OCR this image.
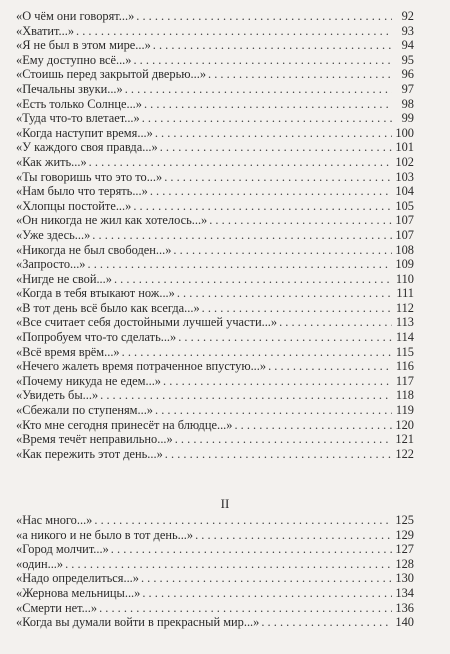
«О чём они говорят...» . . .	92
«Хватит...» . . .	93
«Я не был в этом мире...» . . .	94
«Ему доступно всё...» . . .	95
«Стоишь перед закрытой дверью...» . . .	96
«Печальны звуки...» . . .	97
«Есть только Солнце...» . . .	98
«Туда что-то влетает...» . . .	99
«Когда наступит время...» . . .	100
«У каждого своя правда...» . . .	101
«Как жить...» . . .	102
«Ты говоришь что это то...» . . .	103
«Нам было что терять...» . . .	104
«Хлопцы постойте...» . . .	105
«Он никогда не жил как хотелось...» . . .	107
«Уже здесь...» . . .	107
«Никогда не был свободен...» . . .	108
«Запросто...» . . .	109
«Нигде не свой...» . . .	110
«Когда в тебя втыкают нож...» . . .	111
«В тот день всё было как всегда...» . . .	112
«Все считает себя достойными лучшей участи...» . . .	113
«Попробуем что-то сделать...» . . .	114
«Всё время врём...» . . .	115
«Нечего жалеть время потраченное впустую...» . . .	116
«Почему никуда не едем...» . . .	117
«Увидеть бы...» . . .	118
«Сбежали по ступеням...» . . .	119
«Кто мне сегодня принесёт на блюдце...» . . .	120
«Время течёт неправильно...» . . .	121
«Как пережить этот день...» . . .	122
II
«Нас много...» . . .	125
«а никого и не было в тот день...» . . .	129
«Город молчит...» . . .	127
«один...» . . .	128
«Надо определиться...» . . .	130
«Жернова мельницы...» . . .	134
«Смерти нет...» . . .	136
«Когда вы думали войти в прекрасный мир...» . . .	140
